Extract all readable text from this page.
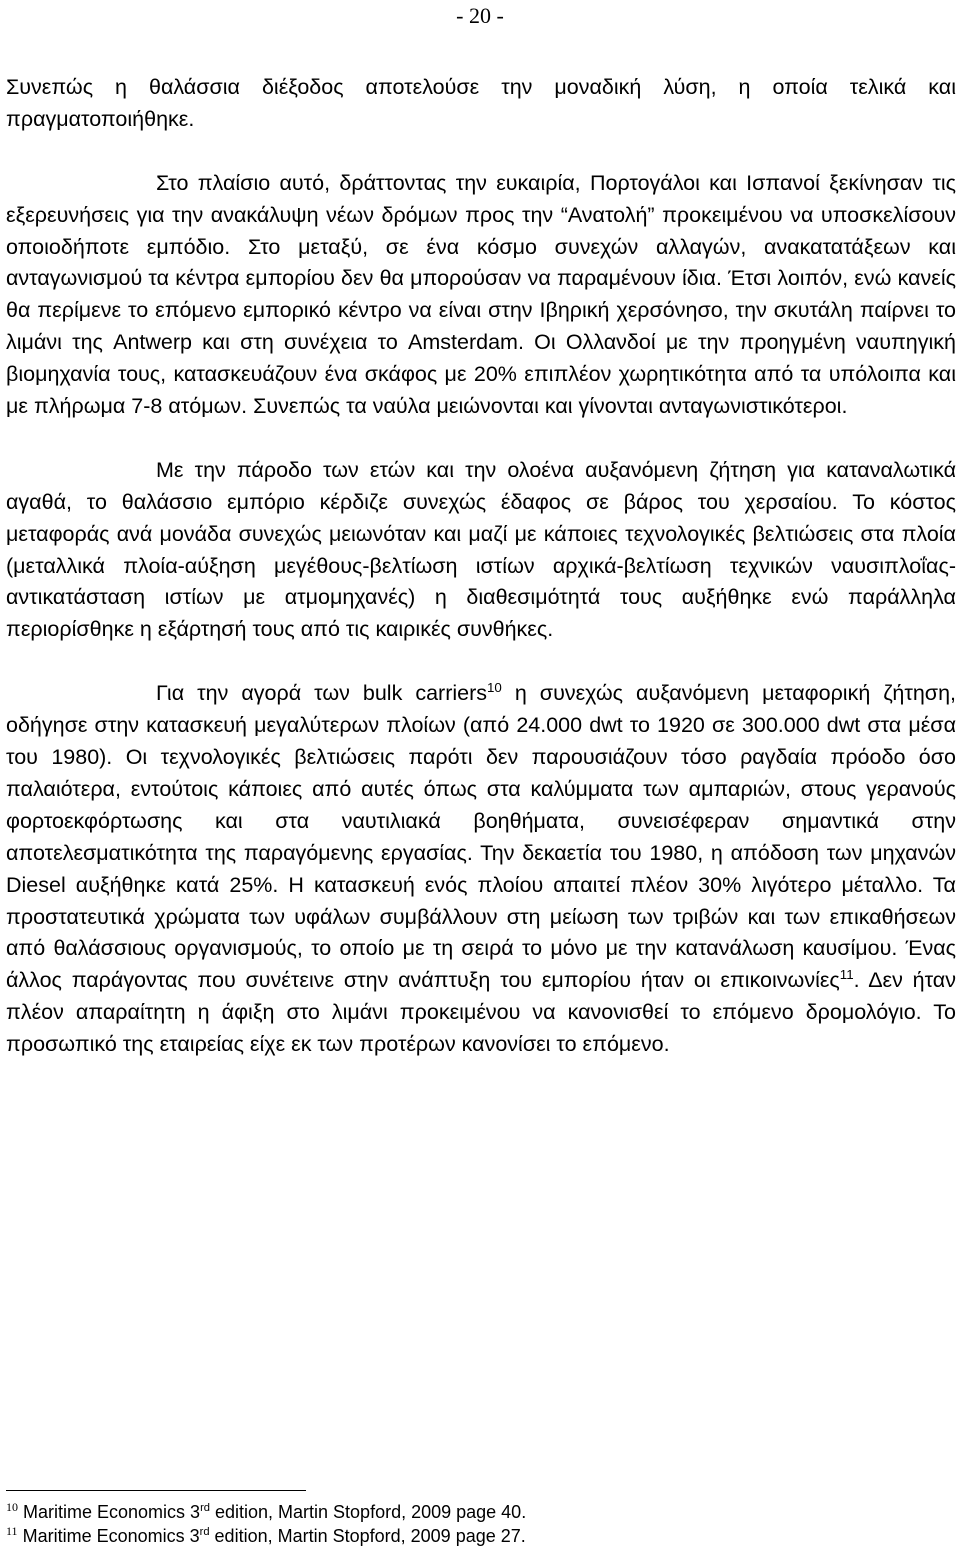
- 20 -

Συνεπώς η θαλάσσια διέξοδος αποτελούσε την μοναδική λύση, η οποία τελικά και πραγματοποιήθηκε.

Στο πλαίσιο αυτό, δράττοντας την ευκαιρία, Πορτογάλοι και Ισπανοί ξεκίνησαν τις εξερευνήσεις για την ανακάλυψη νέων δρόμων προς την “Ανατολή” προκειμένου να υποσκελίσουν οποιοδήποτε εμπόδιο. Στο μεταξύ, σε ένα κόσμο συνεχών αλλαγών, ανακατατάξεων και ανταγωνισμού τα κέντρα εμπορίου δεν θα μπορούσαν να παραμένουν ίδια. Έτσι λοιπόν, ενώ κανείς θα περίμενε το επόμενο εμπορικό κέντρο να είναι στην Ιβηρική χερσόνησο, την σκυτάλη παίρνει το λιμάνι της Antwerp και στη συνέχεια το Amsterdam. Οι Ολλανδοί με την προηγμένη ναυπηγική βιομηχανία τους, κατασκευάζουν ένα σκάφος με 20% επιπλέον χωρητικότητα από τα υπόλοιπα και με πλήρωμα 7-8 ατόμων. Συνεπώς τα ναύλα μειώνονται και γίνονται ανταγωνιστικότεροι.

Με την πάροδο των ετών και την ολοένα αυξανόμενη ζήτηση για καταναλωτικά αγαθά, το θαλάσσιο εμπόριο κέρδιζε συνεχώς έδαφος σε βάρος του χερσαίου. Το κόστος μεταφοράς ανά μονάδα συνεχώς μειωνόταν και μαζί με κάποιες τεχνολογικές βελτιώσεις στα πλοία (μεταλλικά πλοία-αύξηση μεγέθους-βελτίωση ιστίων αρχικά-βελτίωση τεχνικών ναυσιπλοΐας-αντικατάσταση ιστίων με ατμομηχανές) η διαθεσιμότητά τους αυξήθηκε ενώ παράλληλα περιορίσθηκε η εξάρτησή τους από τις καιρικές συνθήκες.

Για την αγορά των bulk carriers$^{10}$ η συνεχώς αυξανόμενη μεταφορική ζήτηση, οδήγησε στην κατασκευή μεγαλύτερων πλοίων (από 24.000 dwt το 1920 σε 300.000 dwt στα μέσα του 1980). Οι τεχνολογικές βελτιώσεις παρότι δεν παρουσιάζουν τόσο ραγδαία πρόοδο όσο παλαιότερα, εντούτοις κάποιες από αυτές όπως στα καλύμματα των αμπαριών, στους γερανούς φορτοεκφόρτωσης και στα ναυτιλιακά βοηθήματα, συνεισέφεραν σημαντικά στην αποτελεσματικότητα της παραγόμενης εργασίας. Την δεκαετία του 1980, η απόδοση των μηχανών Diesel αυξήθηκε κατά 25%. Η κατασκευή ενός πλοίου απαιτεί πλέον 30% λιγότερο μέταλλο. Τα προστατευτικά χρώματα των υφάλων συμβάλλουν στη μείωση των τριβών και των επικαθήσεων από θαλάσσιους οργανισμούς, το οποίο με τη σειρά το μόνο με την κατανάλωση καυσίμου. Ένας άλλος παράγοντας που συνέτεινε στην ανάπτυξη του εμπορίου ήταν οι επικοινωνίες$^{11}$. Δεν ήταν πλέον απαραίτητη η άφιξη στο λιμάνι προκειμένου να κανονισθεί το επόμενο δρομολόγιο. Το προσωπικό της εταιρείας είχε εκ των προτέρων κανονίσει το επόμενο.

$^{10}$ Maritime Economics 3rd edition, Martin Stopford, 2009 page 40.
$^{11}$ Maritime Economics 3rd edition, Martin Stopford, 2009 page 27.
